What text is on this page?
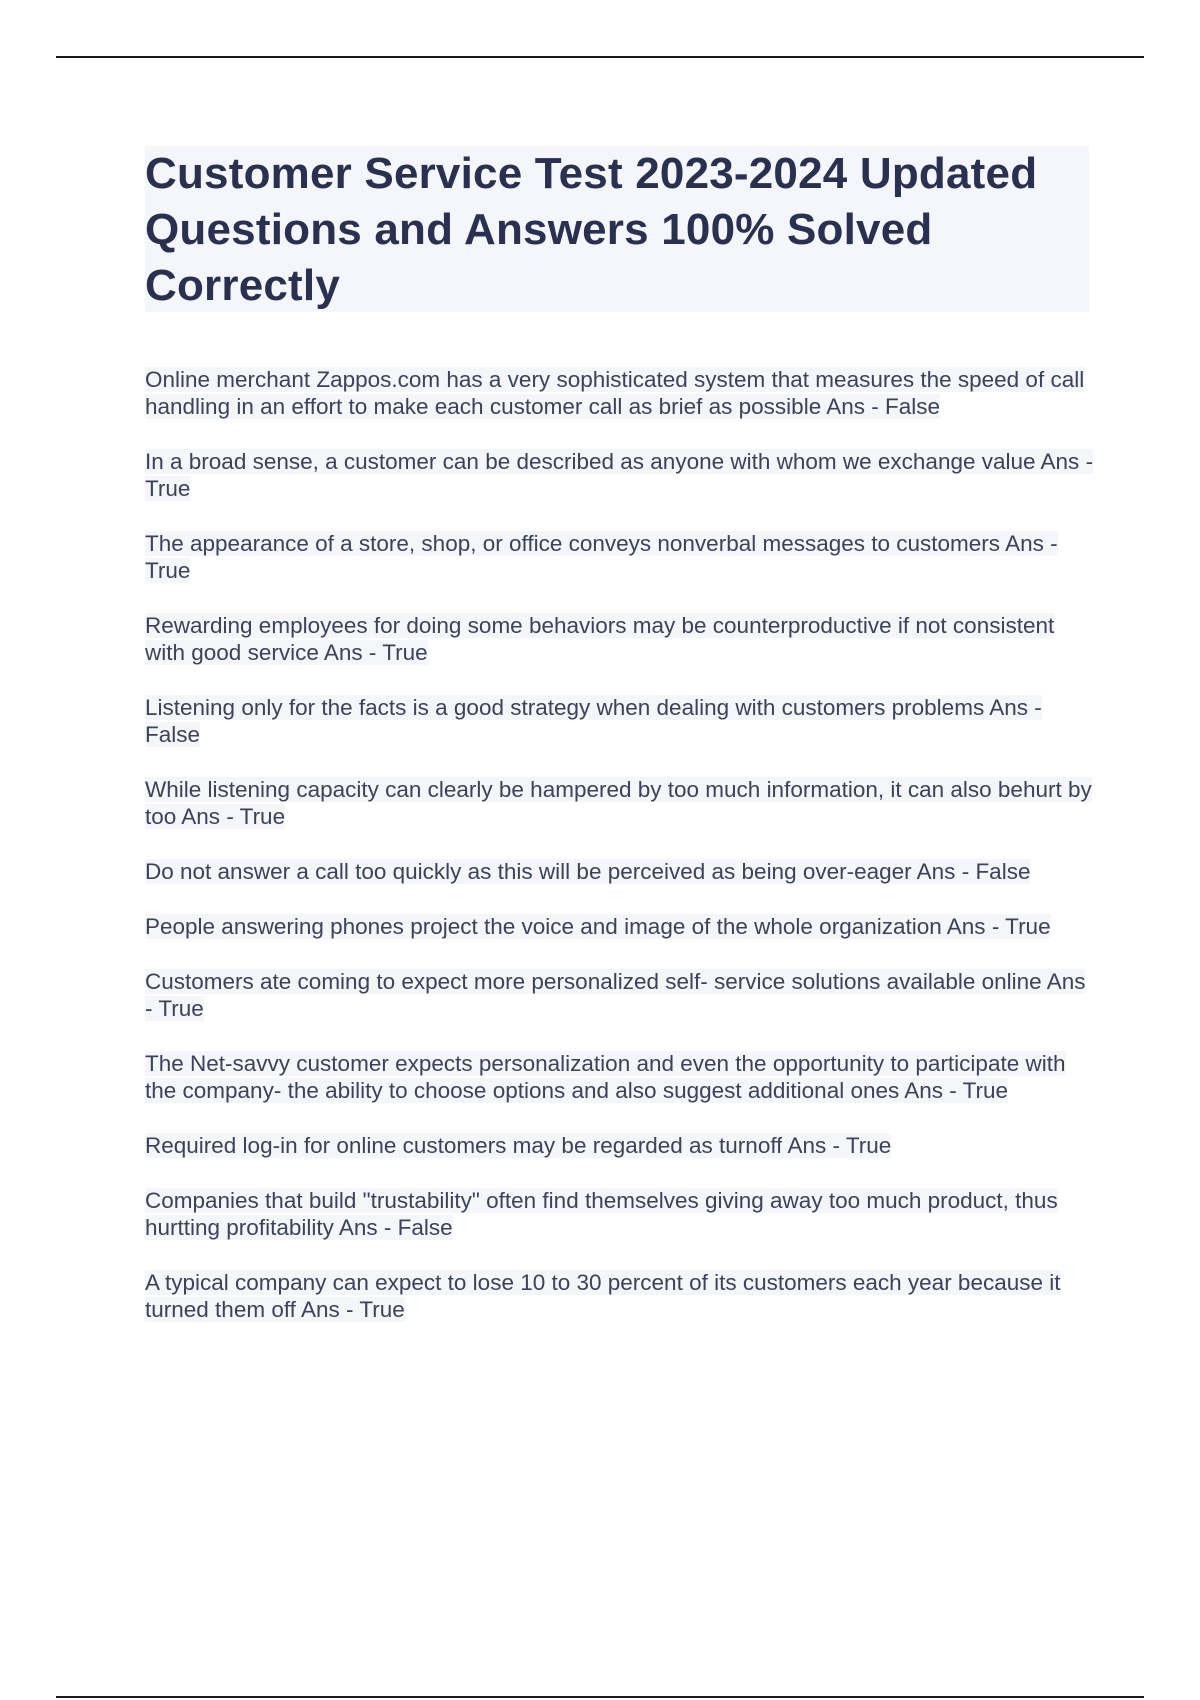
Customer Service Test 2023-2024 Updated Questions and Answers 100% Solved Correctly
Online merchant Zappos.com has a very sophisticated system that measures the speed of call handling in an effort to make each customer call as brief as possible Ans - False
In a broad sense, a customer can be described as anyone with whom we exchange value Ans - True
The appearance of a store, shop, or office conveys nonverbal messages to customers Ans - True
Rewarding employees for doing some behaviors may be counterproductive if not consistent with good service Ans - True
Listening only for the facts is a good strategy when dealing with customers problems Ans - False
While listening capacity can clearly be hampered by too much information, it can also behurt by too Ans - True
Do not answer a call too quickly as this will be perceived as being over-eager Ans - False
People answering phones project the voice and image of the whole organization Ans - True
Customers ate coming to expect more personalized self- service solutions available online Ans - True
The Net-savvy customer expects personalization and even the opportunity to participate with the company- the ability to choose options and also suggest additional ones Ans - True
Required log-in for online customers may be regarded as turnoff Ans - True
Companies that build "trustability" often find themselves giving away too much product, thus hurtting profitability Ans - False
A typical company can expect to lose 10 to 30 percent of its customers each year because it turned them off Ans - True
